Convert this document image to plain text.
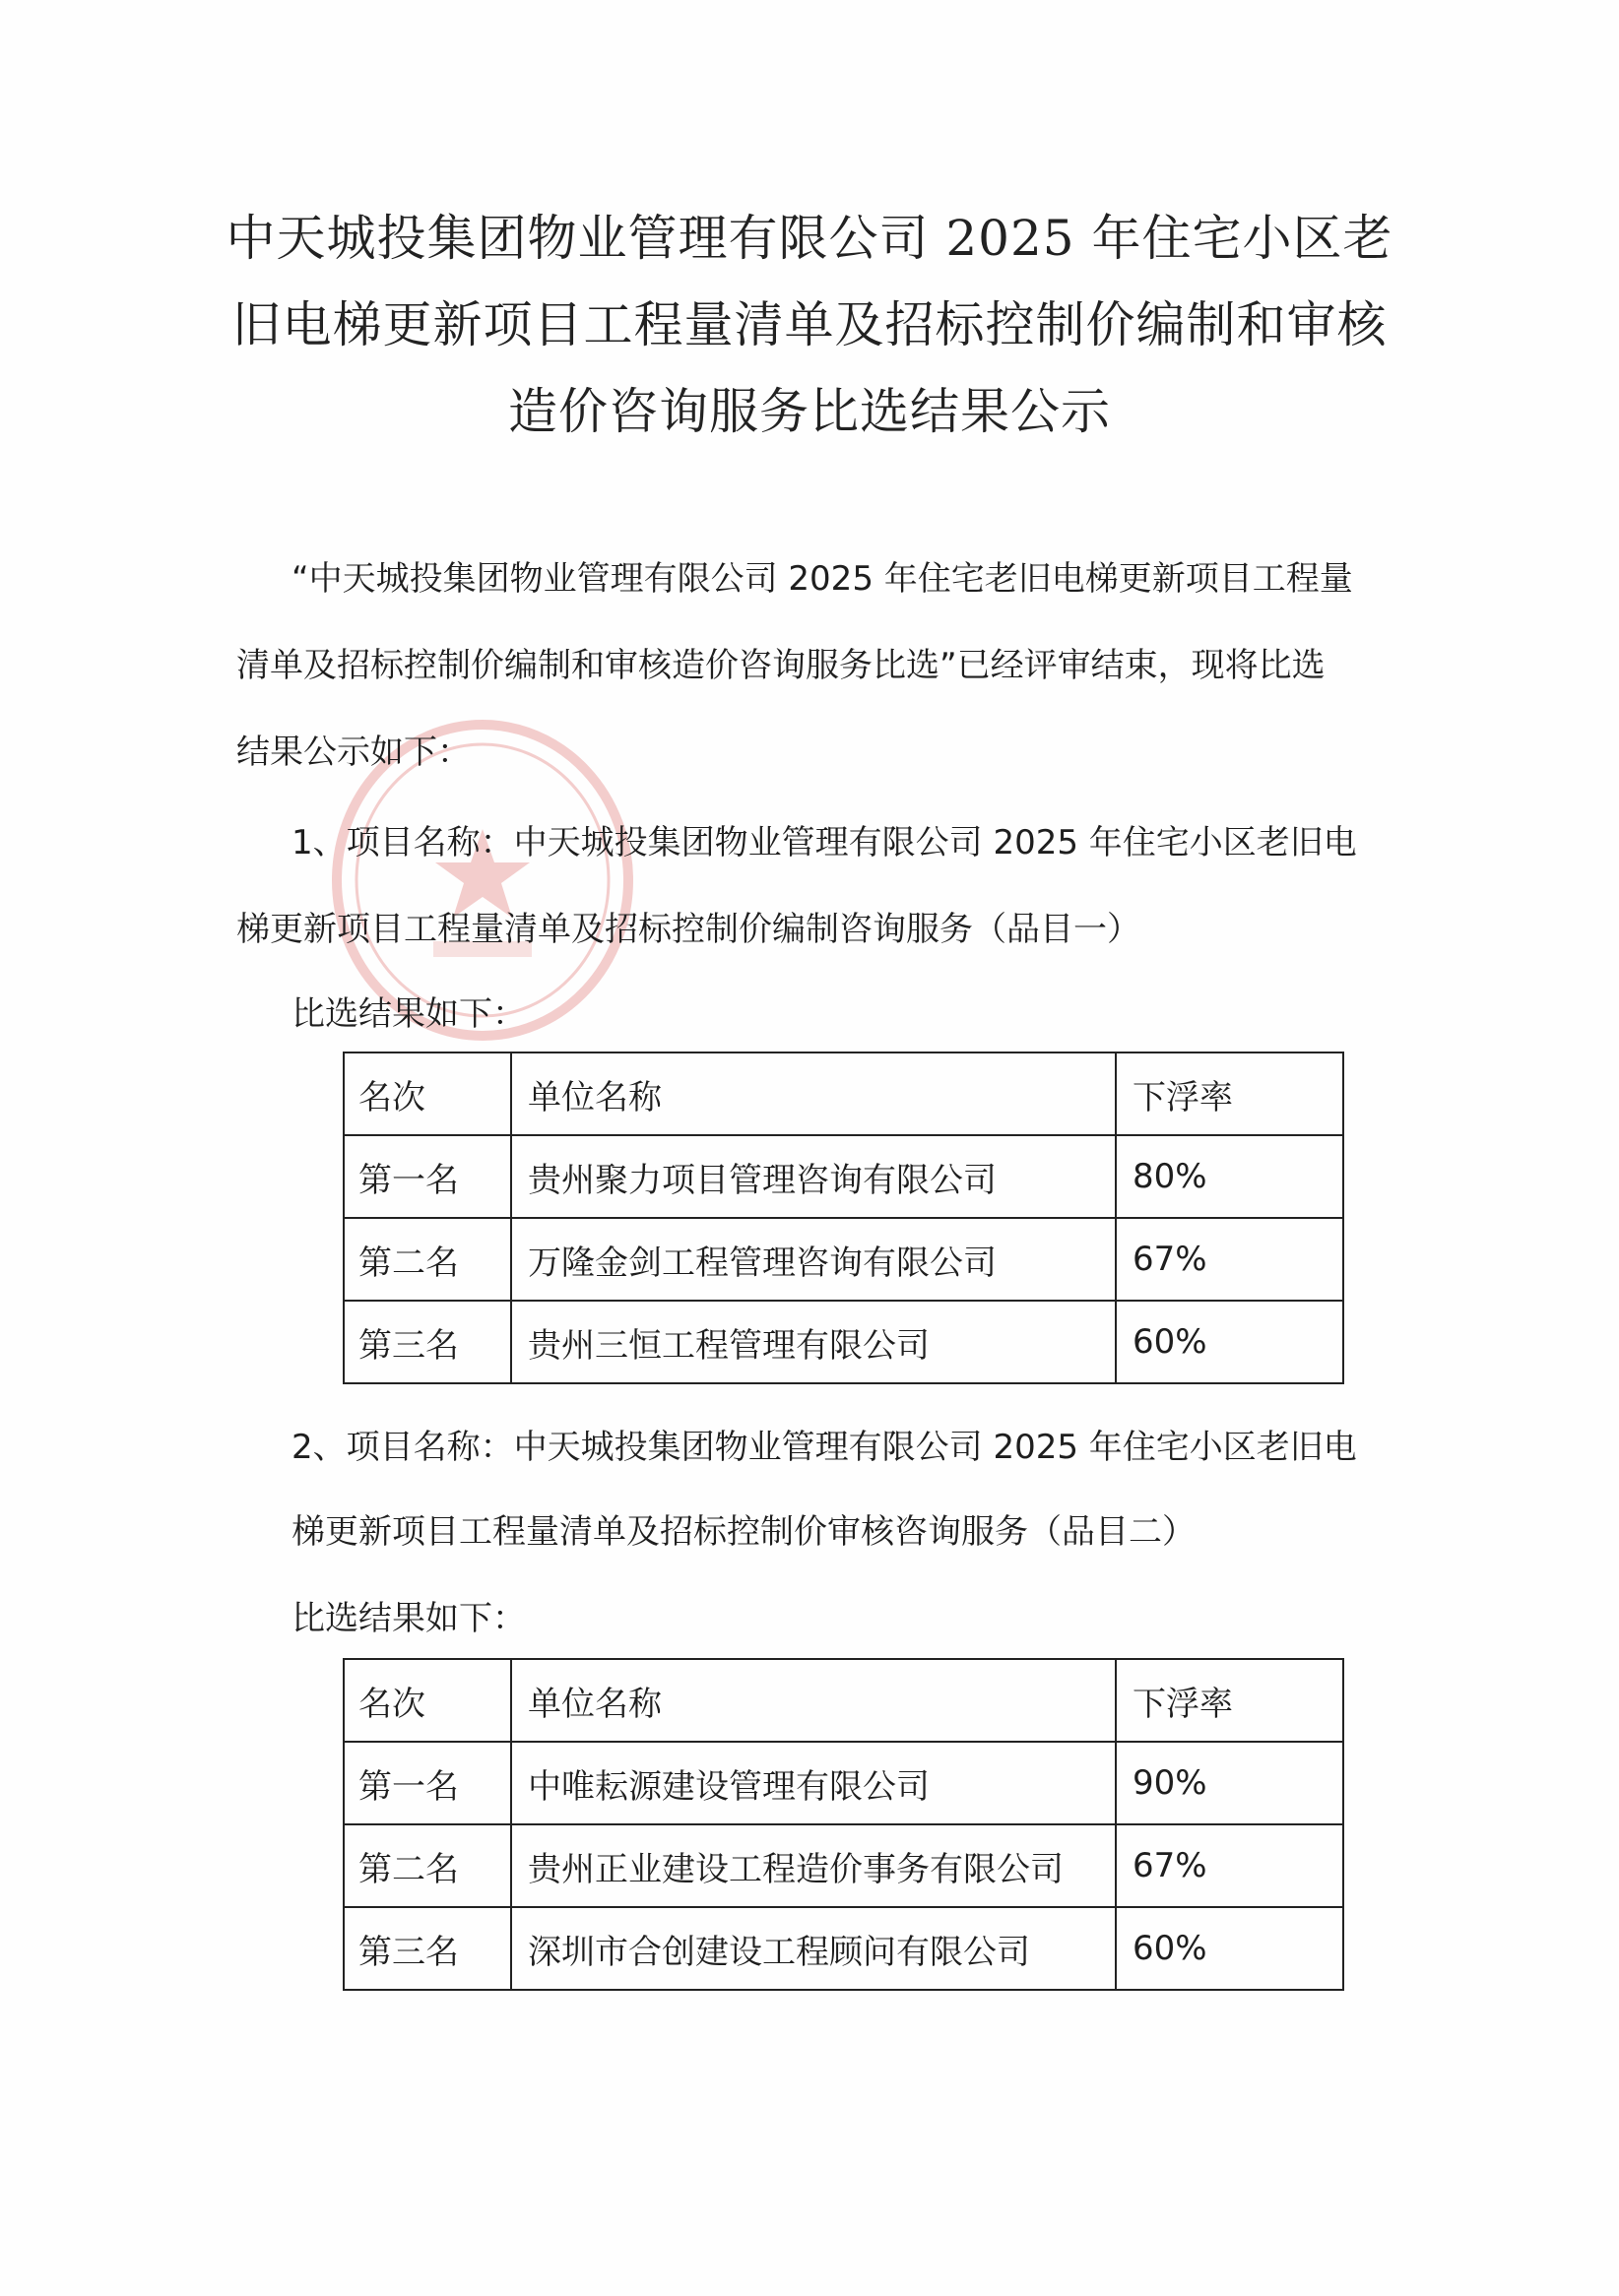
中天城投集团物业管理有限公司 2025 年住宅小区老
旧电梯更新项目工程量清单及招标控制价编制和审核
造价咨询服务比选结果公示
“中天城投集团物业管理有限公司 2025 年住宅老旧电梯更新项目工程量
清单及招标控制价编制和审核造价咨询服务比选”已经评审结束，现将比选
结果公示如下：
1、项目名称：中天城投集团物业管理有限公司 2025 年住宅小区老旧电
梯更新项目工程量清单及招标控制价编制咨询服务（品目一）
比选结果如下：
名次	单位名称	下浮率
第一名	贵州聚力项目管理咨询有限公司	80%
第二名	万隆金剑工程管理咨询有限公司	67%
第三名	贵州三恒工程管理有限公司	60%
2、项目名称：中天城投集团物业管理有限公司 2025 年住宅小区老旧电
梯更新项目工程量清单及招标控制价审核咨询服务（品目二）
比选结果如下：
名次	单位名称	下浮率
第一名	中唯耘源建设管理有限公司	90%
第二名	贵州正业建设工程造价事务有限公司	67%
第三名	深圳市合创建设工程顾问有限公司	60%
